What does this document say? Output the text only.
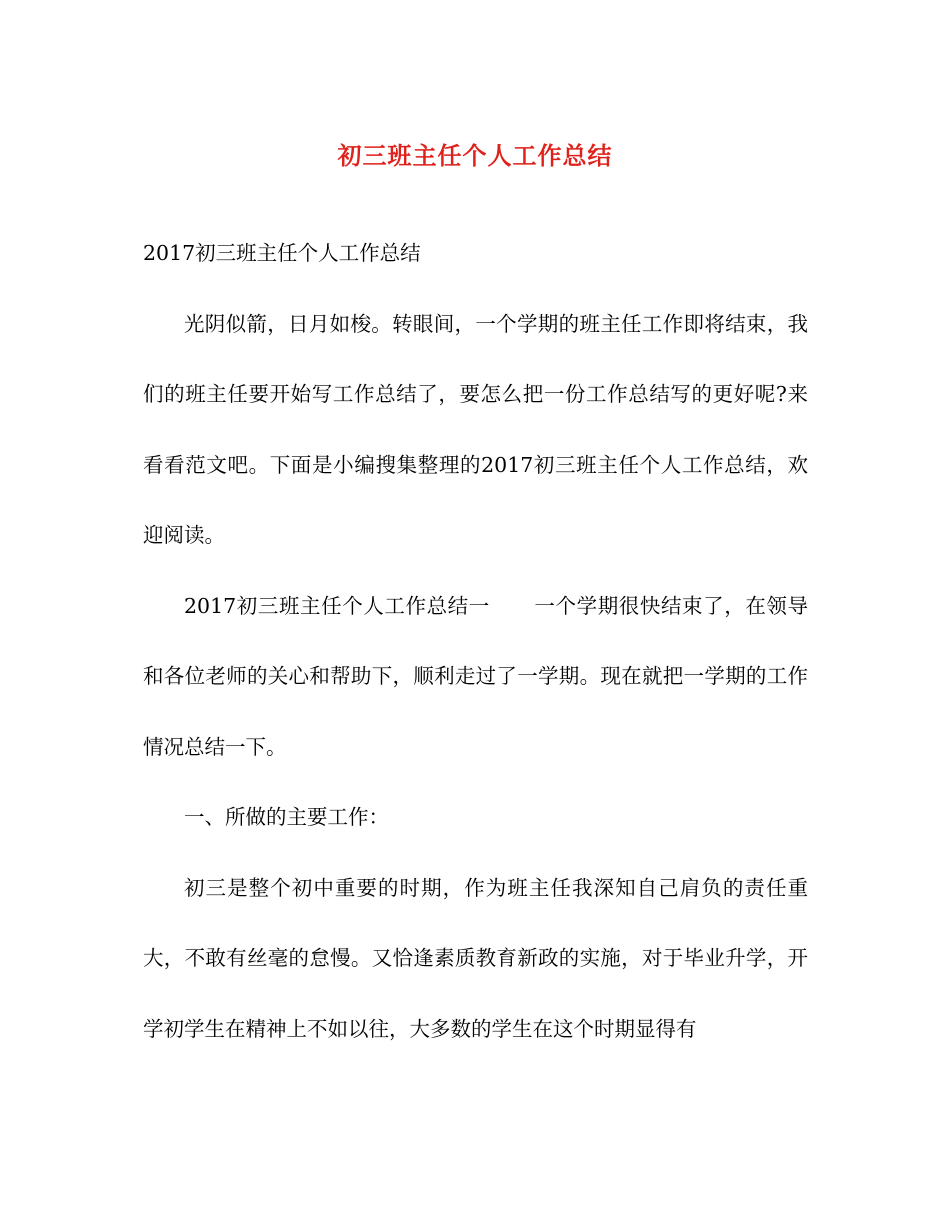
初三班主任个人工作总结

2017初三班主任个人工作总结

光阴似箭，日月如梭。转眼间，一个学期的班主任工作即将结束，我们的班主任要开始写工作总结了，要怎么把一份工作总结写的更好呢?来看看范文吧。下面是小编搜集整理的2017初三班主任个人工作总结，欢迎阅读。

2017初三班主任个人工作总结一 一个学期很快结束了，在领导和各位老师的关心和帮助下，顺利走过了一学期。现在就把一学期的工作情况总结一下。

一、所做的主要工作：

初三是整个初中重要的时期，作为班主任我深知自己肩负的责任重大，不敢有丝毫的怠慢。又恰逢素质教育新政的实施，对于毕业升学，开学初学生在精神上不如以往，大多数的学生在这个时期显得有
